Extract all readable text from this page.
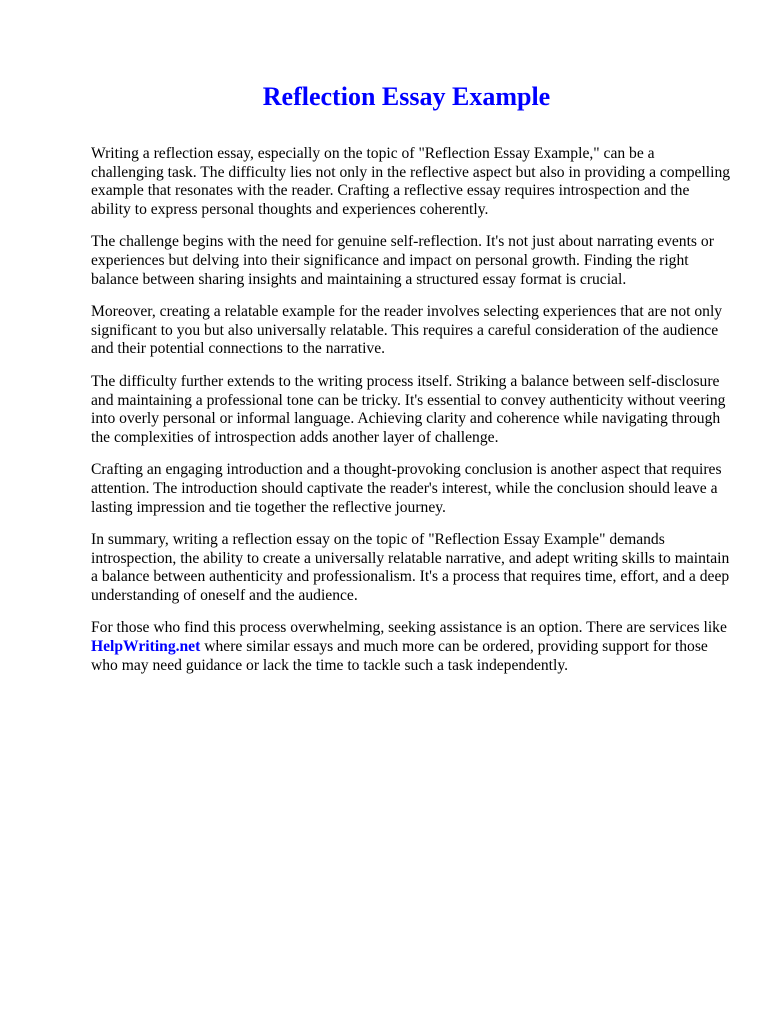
Reflection Essay Example

Writing a reflection essay, especially on the topic of "Reflection Essay Example," can be a challenging task. The difficulty lies not only in the reflective aspect but also in providing a compelling example that resonates with the reader. Crafting a reflective essay requires introspection and the ability to express personal thoughts and experiences coherently.

The challenge begins with the need for genuine self-reflection. It's not just about narrating events or experiences but delving into their significance and impact on personal growth. Finding the right balance between sharing insights and maintaining a structured essay format is crucial.

Moreover, creating a relatable example for the reader involves selecting experiences that are not only significant to you but also universally relatable. This requires a careful consideration of the audience and their potential connections to the narrative.

The difficulty further extends to the writing process itself. Striking a balance between self-disclosure and maintaining a professional tone can be tricky. It's essential to convey authenticity without veering into overly personal or informal language. Achieving clarity and coherence while navigating through the complexities of introspection adds another layer of challenge.

Crafting an engaging introduction and a thought-provoking conclusion is another aspect that requires attention. The introduction should captivate the reader's interest, while the conclusion should leave a lasting impression and tie together the reflective journey.

In summary, writing a reflection essay on the topic of "Reflection Essay Example" demands introspection, the ability to create a universally relatable narrative, and adept writing skills to maintain a balance between authenticity and professionalism. It's a process that requires time, effort, and a deep understanding of oneself and the audience.

For those who find this process overwhelming, seeking assistance is an option. There are services like HelpWriting.net where similar essays and much more can be ordered, providing support for those who may need guidance or lack the time to tackle such a task independently.
